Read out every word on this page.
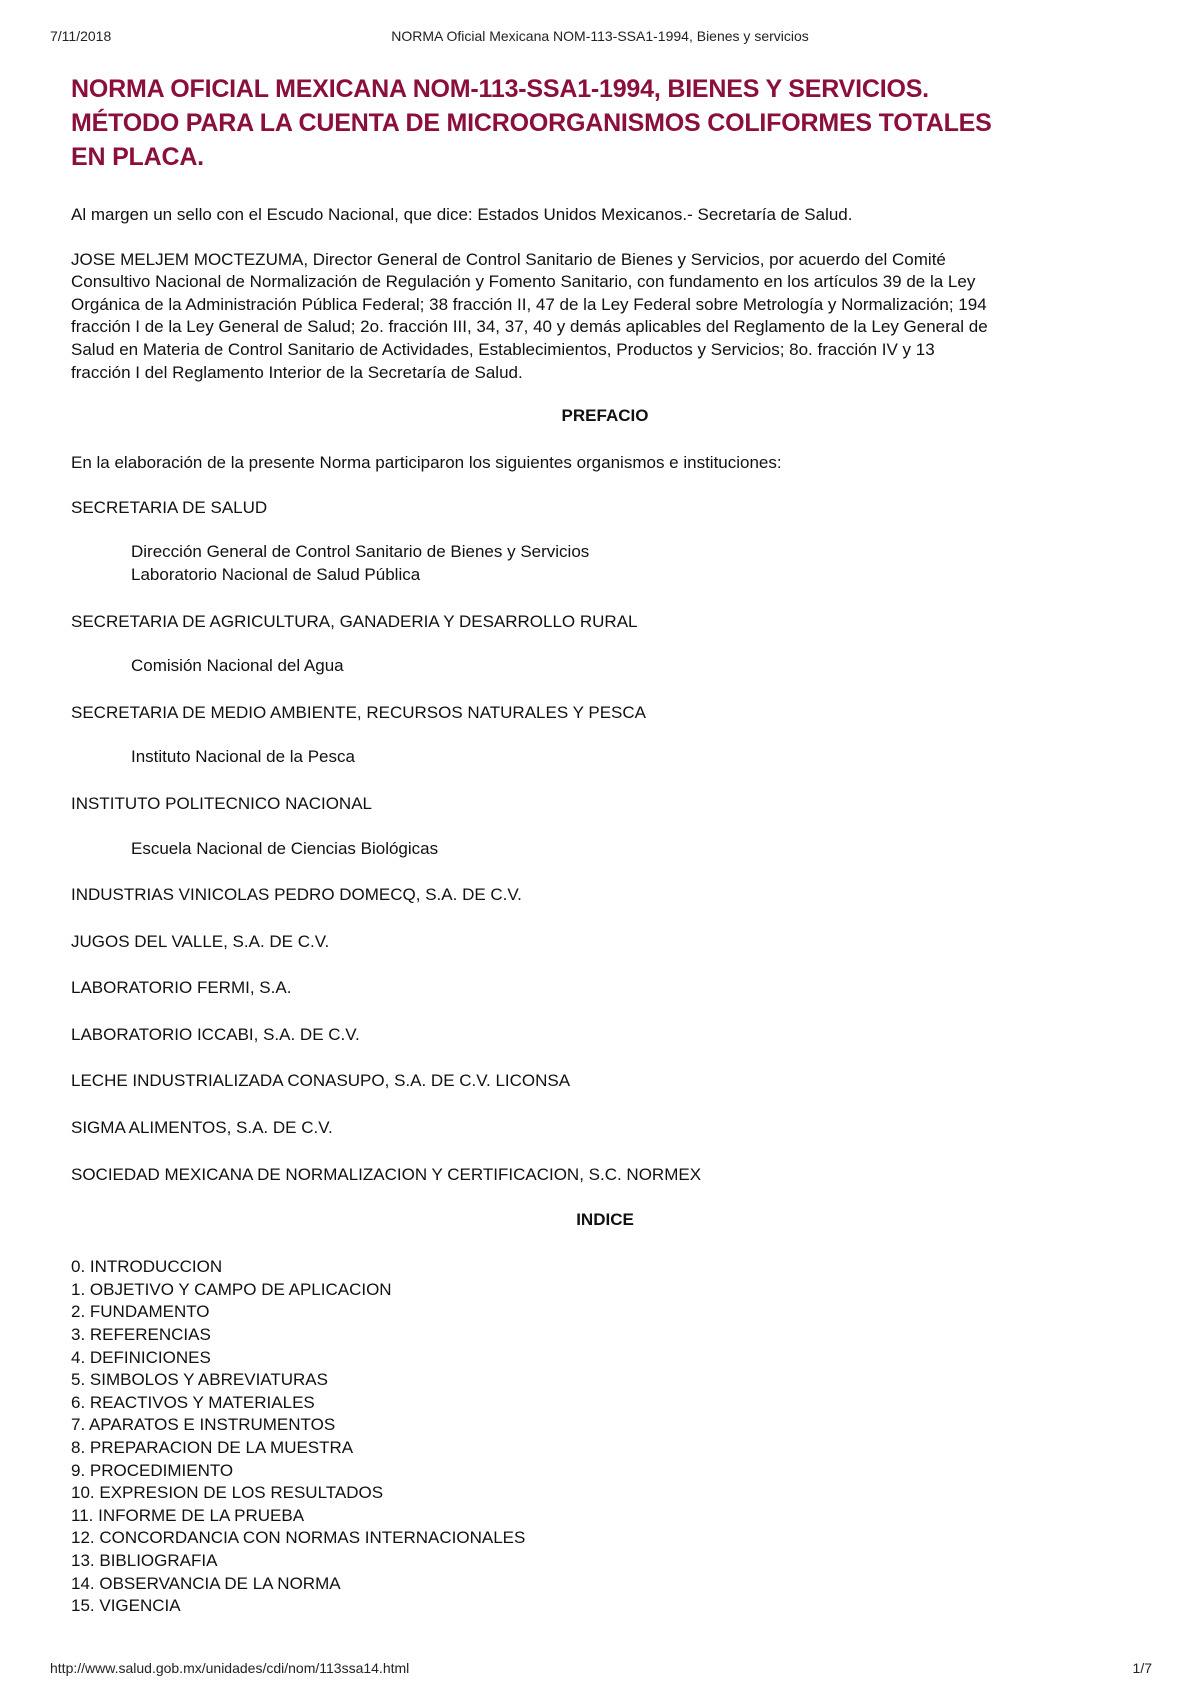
7/11/2018	NORMA Oficial Mexicana NOM-113-SSA1-1994, Bienes y servicios
NORMA OFICIAL MEXICANA NOM-113-SSA1-1994, BIENES Y SERVICIOS.
MÉTODO PARA LA CUENTA DE MICROORGANISMOS COLIFORMES TOTALES
EN PLACA.

Al margen un sello con el Escudo Nacional, que dice: Estados Unidos Mexicanos.- Secretaría de Salud.

JOSE MELJEM MOCTEZUMA, Director General de Control Sanitario de Bienes y Servicios, por acuerdo del Comité
Consultivo Nacional de Normalización de Regulación y Fomento Sanitario, con fundamento en los artículos 39 de la Ley
Orgánica de la Administración Pública Federal; 38 fracción II, 47 de la Ley Federal sobre Metrología y Normalización; 194
fracción I de la Ley General de Salud; 2o. fracción III, 34, 37, 40 y demás aplicables del Reglamento de la Ley General de
Salud en Materia de Control Sanitario de Actividades, Establecimientos, Productos y Servicios; 8o. fracción IV y 13
fracción I del Reglamento Interior de la Secretaría de Salud.

PREFACIO

En la elaboración de la presente Norma participaron los siguientes organismos e instituciones:

SECRETARIA DE SALUD
Dirección General de Control Sanitario de Bienes y Servicios
Laboratorio Nacional de Salud Pública
SECRETARIA DE AGRICULTURA, GANADERIA Y DESARROLLO RURAL
Comisión Nacional del Agua
SECRETARIA DE MEDIO AMBIENTE, RECURSOS NATURALES Y PESCA
Instituto Nacional de la Pesca
INSTITUTO POLITECNICO NACIONAL
Escuela Nacional de Ciencias Biológicas
INDUSTRIAS VINICOLAS PEDRO DOMECQ, S.A. DE C.V.
JUGOS DEL VALLE, S.A. DE C.V.
LABORATORIO FERMI, S.A.
LABORATORIO ICCABI, S.A. DE C.V.
LECHE INDUSTRIALIZADA CONASUPO, S.A. DE C.V. LICONSA
SIGMA ALIMENTOS, S.A. DE C.V.
SOCIEDAD MEXICANA DE NORMALIZACION Y CERTIFICACION, S.C. NORMEX
INDICE
0. INTRODUCCION
1. OBJETIVO Y CAMPO DE APLICACION
2. FUNDAMENTO
3. REFERENCIAS
4. DEFINICIONES
5. SIMBOLOS Y ABREVIATURAS
6. REACTIVOS Y MATERIALES
7. APARATOS E INSTRUMENTOS
8. PREPARACION DE LA MUESTRA
9. PROCEDIMIENTO
10. EXPRESION DE LOS RESULTADOS
11. INFORME DE LA PRUEBA
12. CONCORDANCIA CON NORMAS INTERNACIONALES
13. BIBLIOGRAFIA
14. OBSERVANCIA DE LA NORMA
15. VIGENCIA
http://www.salud.gob.mx/unidades/cdi/nom/113ssa14.html	1/7
